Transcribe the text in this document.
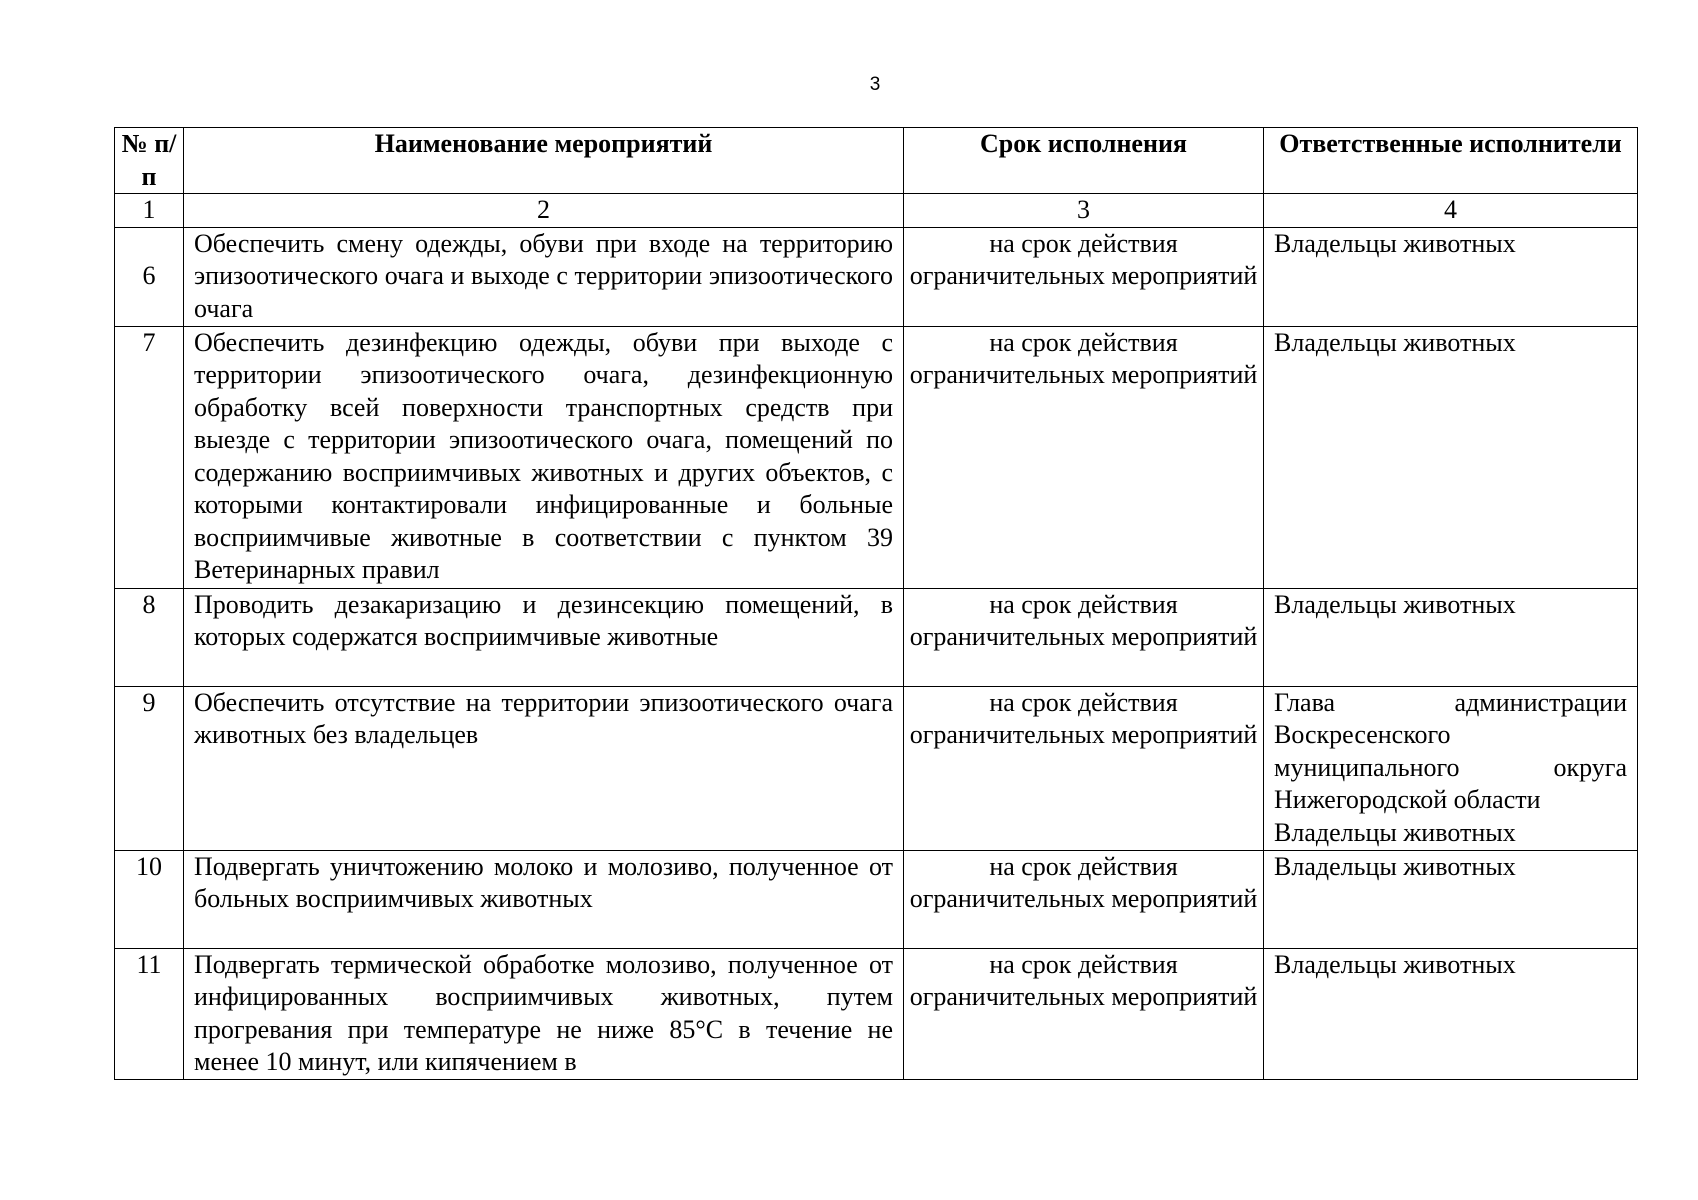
3
№ п/п	Наименование мероприятий	Срок исполнения	Ответственные исполнители
1	2	3	4
6	Обеспечить смену одежды, обуви при входе на территорию эпизоотического очага и выходе с территории эпизоотического очага	на срок действия ограничительных мероприятий	Владельцы животных
7	Обеспечить дезинфекцию одежды, обуви при выходе с территории эпизоотического очага, дезинфекционную обработку всей поверхности транспортных средств при выезде с территории эпизоотического очага, помещений по содержанию восприимчивых животных и других объектов, с которыми контактировали инфицированные и больные восприимчивые животные в соответствии с пунктом 39 Ветеринарных правил	на срок действия ограничительных мероприятий	Владельцы животных
8	Проводить дезакаризацию и дезинсекцию помещений, в которых содержатся восприимчивые животные	на срок действия ограничительных мероприятий	Владельцы животных
9	Обеспечить отсутствие на территории эпизоотического очага животных без владельцев	на срок действия ограничительных мероприятий	Глава администрации
Воскресенского
муниципального округа
Нижегородской области
Владельцы животных

10	Подвергать уничтожению молоко и молозиво, полученное от больных восприимчивых животных	на срок действия ограничительных мероприятий	Владельцы животных
11	Подвергать термической обработке молозиво, полученное от инфицированных восприимчивых животных, путем прогревания при температуре не ниже 85°С в течение не менее 10 минут, или кипячением в	на срок действия ограничительных мероприятий	Владельцы животных
